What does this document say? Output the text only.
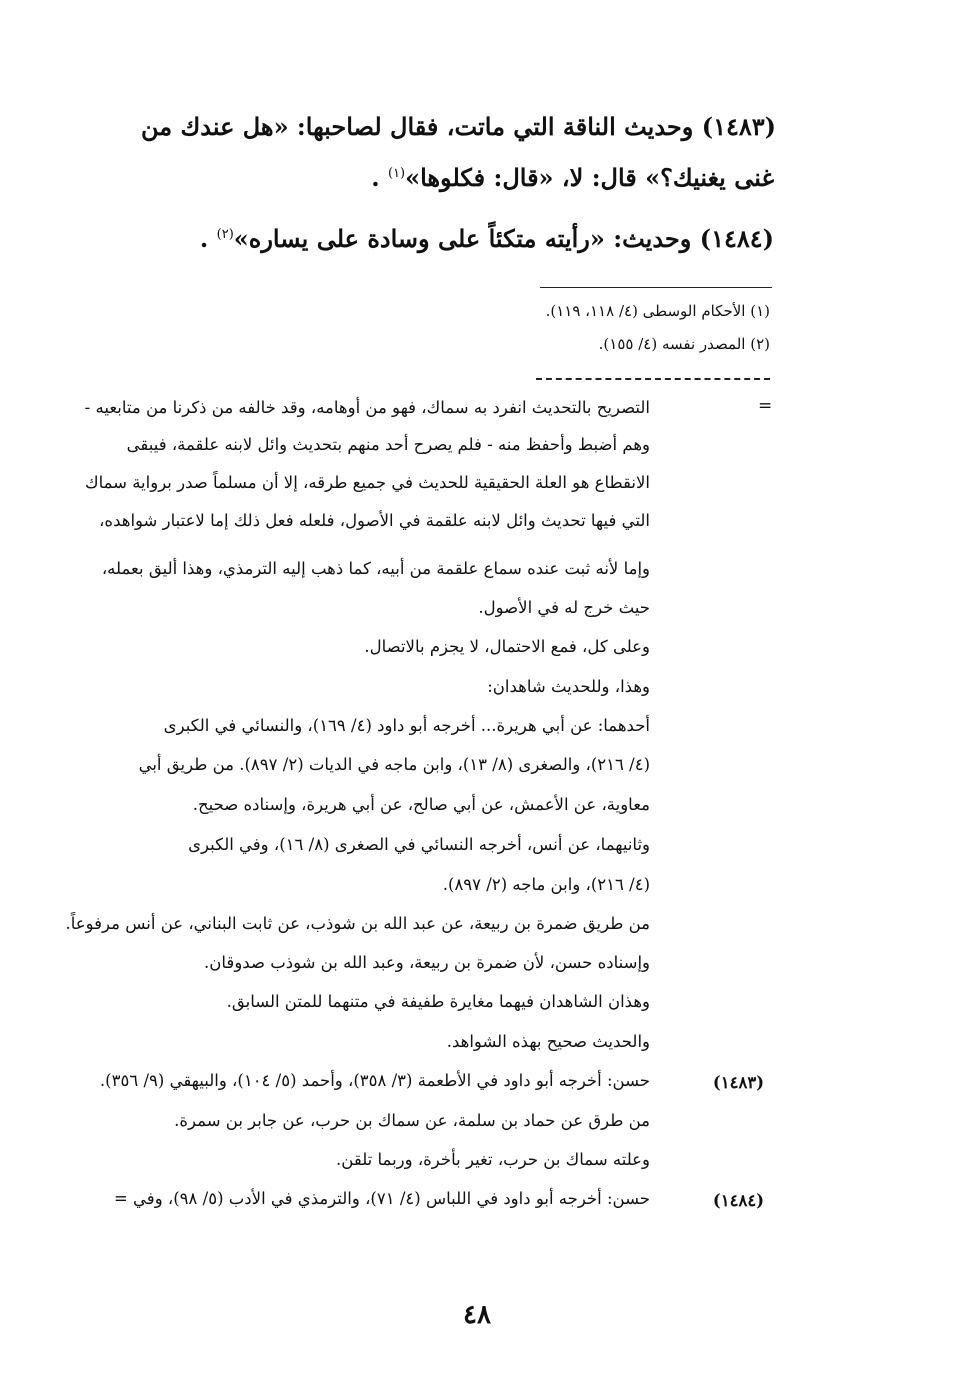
(١٤٨٣) وحديث الناقة التي ماتت، فقال لصاحبها: «هل عندك من
غنى يغنيك؟» قال: لا، «قال: فكلوها»$^{(١)}$ .
(١٤٨٤) وحديث: «رأيته متكئاً على وسادة على يساره»$^{(٢)}$ .
(١) الأحكام الوسطى (٤/ ١١٨، ١١٩).
(٢) المصدر نفسه (٤/ ١٥٥).
=
التصريح بالتحديث انفرد به سماك، فهو من أوهامه، وقد خالفه من ذكرنا من متابعيه -
وهم أضبط وأحفظ منه - فلم يصرح أحد منهم بتحديث وائل لابنه علقمة، فيبقى
الانقطاع هو العلة الحقيقية للحديث في جميع طرقه، إلا أن مسلماً صدر برواية سماك
التي فيها تحديث وائل لابنه علقمة في الأصول، فلعله فعل ذلك إما لاعتبار شواهده،
وإما لأنه ثبت عنده سماع علقمة من أبيه، كما ذهب إليه الترمذي، وهذا أليق بعمله،
حيث خرج له في الأصول.
وعلى كل، فمع الاحتمال، لا يجزم بالاتصال.
وهذا، وللحديث شاهدان:
أحدهما: عن أبي هريرة... أخرجه أبو داود (٤/ ١٦٩)، والنسائي في الكبرى
(٤/ ٢١٦)، والصغرى (٨/ ١٣)، وابن ماجه في الديات (٢/ ٨٩٧). من طريق أبي
معاوية، عن الأعمش، عن أبي صالح، عن أبي هريرة، وإسناده صحيح.
وثانيهما، عن أنس، أخرجه النسائي في الصغرى (٨/ ١٦)، وفي الكبرى
(٤/ ٢١٦)، وابن ماجه (٢/ ٨٩٧).
من طريق ضمرة بن ربيعة، عن عبد الله بن شوذب، عن ثابت البناني، عن أنس مرفوعاً.
وإسناده حسن، لأن ضمرة بن ربيعة، وعبد الله بن شوذب صدوقان.
وهذان الشاهدان فيهما مغايرة طفيفة في متنهما للمتن السابق.
والحديث صحيح بهذه الشواهد.
(١٤٨٣)
حسن: أخرجه أبو داود في الأطعمة (٣/ ٣٥٨)، وأحمد (٥/ ١٠٤)، والبيهقي (٩/ ٣٥٦).
من طرق عن حماد بن سلمة، عن سماك بن حرب، عن جابر بن سمرة.
وعلته سماك بن حرب، تغير بأخرة، وربما تلقن.
(١٤٨٤)
حسن: أخرجه أبو داود في اللباس (٤/ ٧١)، والترمذي في الأدب (٥/ ٩٨)، وفي =
٤٨
